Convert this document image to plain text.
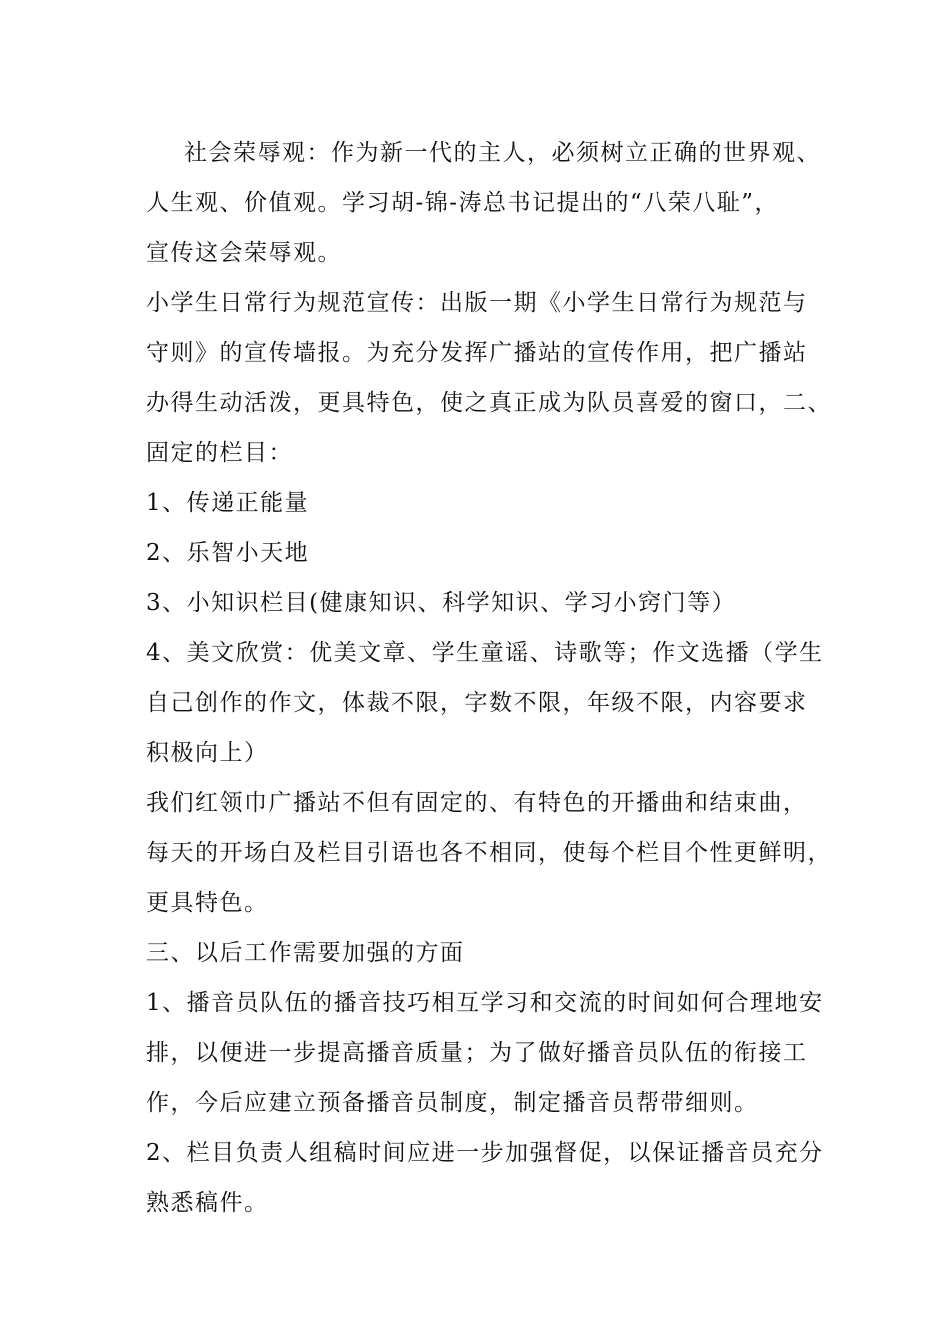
社会荣辱观：作为新一代的主人，必须树立正确的世界观、
人生观、价值观。学习胡-锦-涛总书记提出的“八荣八耻”，
宣传这会荣辱观。
小学生日常行为规范宣传：出版一期《小学生日常行为规范与
守则》的宣传墙报。为充分发挥广播站的宣传作用，把广播站
办得生动活泼，更具特色，使之真正成为队员喜爱的窗口，二、
固定的栏目：
1、传递正能量
2、乐智小天地
3、小知识栏目(健康知识、科学知识、学习小窍门等）
4、美文欣赏：优美文章、学生童谣、诗歌等；作文选播（学生
自己创作的作文，体裁不限，字数不限，年级不限，内容要求
积极向上）
我们红领巾广播站不但有固定的、有特色的开播曲和结束曲，
每天的开场白及栏目引语也各不相同，使每个栏目个性更鲜明，
更具特色。
三、以后工作需要加强的方面
1、播音员队伍的播音技巧相互学习和交流的时间如何合理地安
排，以便进一步提高播音质量；为了做好播音员队伍的衔接工
作，今后应建立预备播音员制度，制定播音员帮带细则。
2、栏目负责人组稿时间应进一步加强督促，以保证播音员充分
熟悉稿件。
